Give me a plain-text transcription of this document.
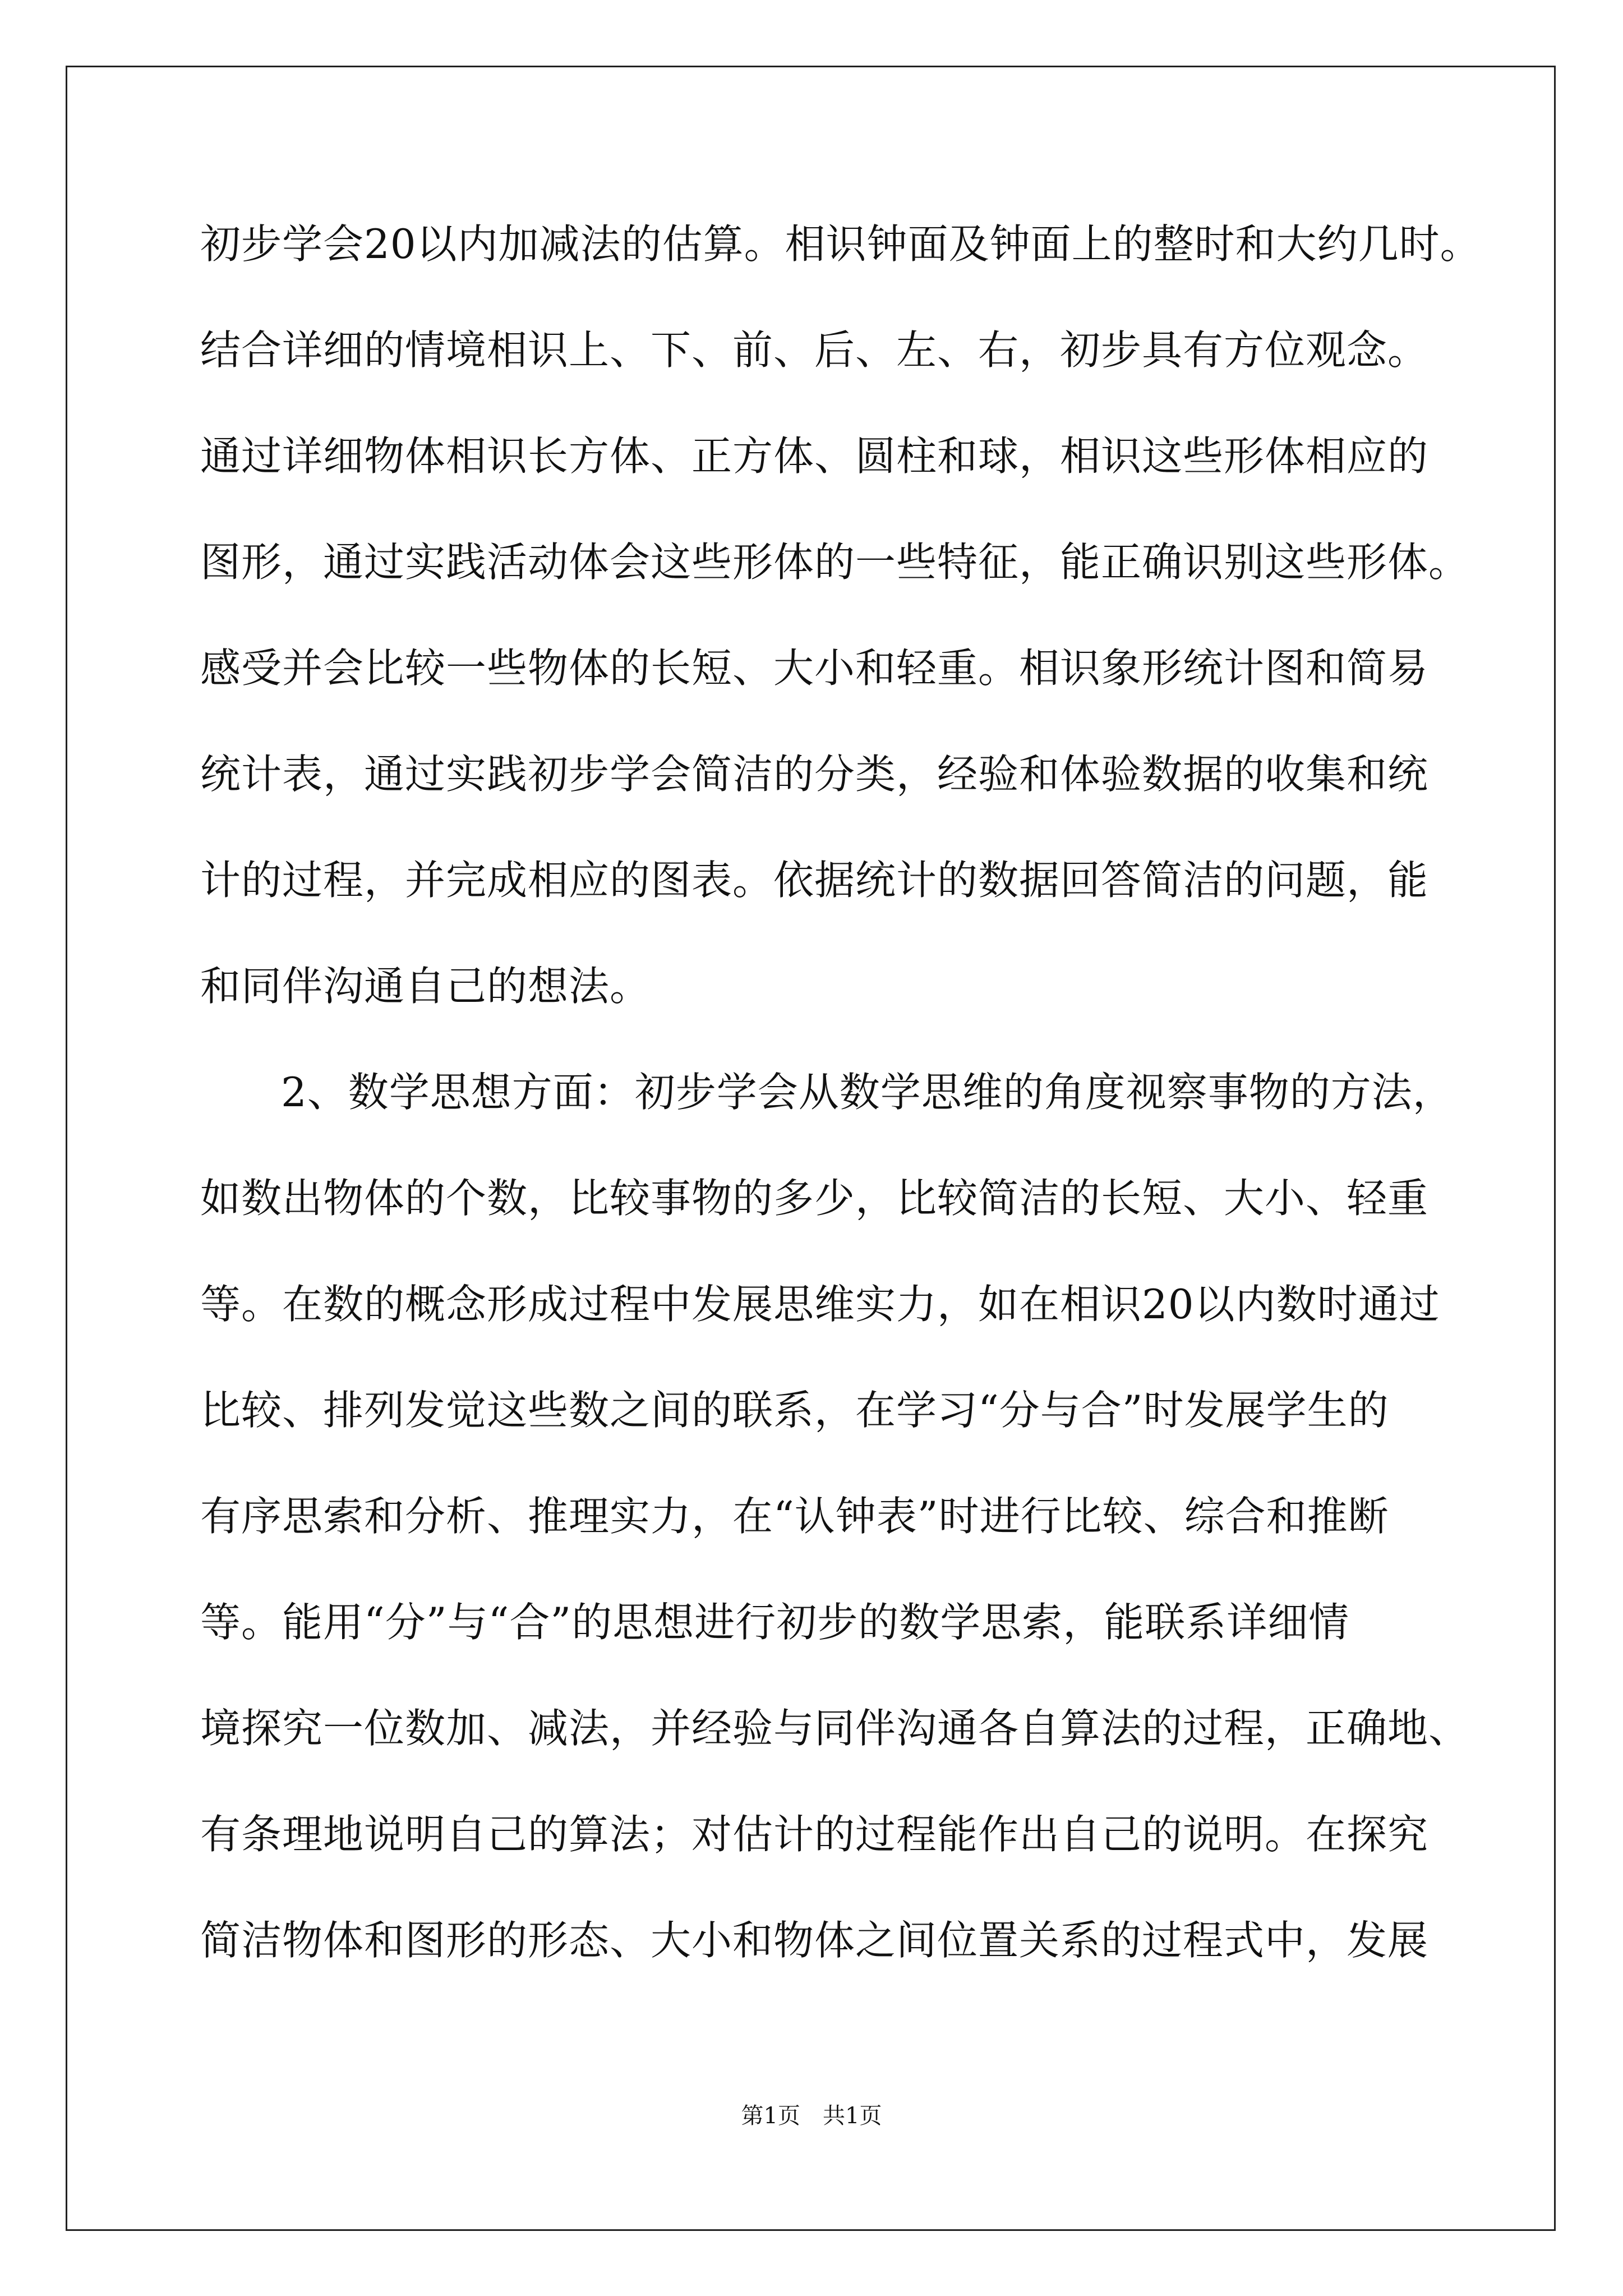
初步学会20以内加减法的估算。相识钟面及钟面上的整时和大约几时。
结合详细的情境相识上、下、前、后、左、右，初步具有方位观念。
通过详细物体相识长方体、正方体、圆柱和球，相识这些形体相应的
图形，通过实践活动体会这些形体的一些特征，能正确识别这些形体。
感受并会比较一些物体的长短、大小和轻重。相识象形统计图和简易
统计表，通过实践初步学会简洁的分类，经验和体验数据的收集和统
计的过程，并完成相应的图表。依据统计的数据回答简洁的问题，能
和同伴沟通自己的想法。
2、数学思想方面：初步学会从数学思维的角度视察事物的方法，
如数出物体的个数，比较事物的多少，比较简洁的长短、大小、轻重
等。在数的概念形成过程中发展思维实力，如在相识20以内数时通过
比较、排列发觉这些数之间的联系，在学习“分与合”时发展学生的
有序思索和分析、推理实力，在“认钟表”时进行比较、综合和推断
等。能用“分”与“合”的思想进行初步的数学思索，能联系详细情
境探究一位数加、减法，并经验与同伴沟通各自算法的过程，正确地、
有条理地说明自己的算法；对估计的过程能作出自己的说明。在探究
简洁物体和图形的形态、大小和物体之间位置关系的过程式中，发展
第1页 共1页
